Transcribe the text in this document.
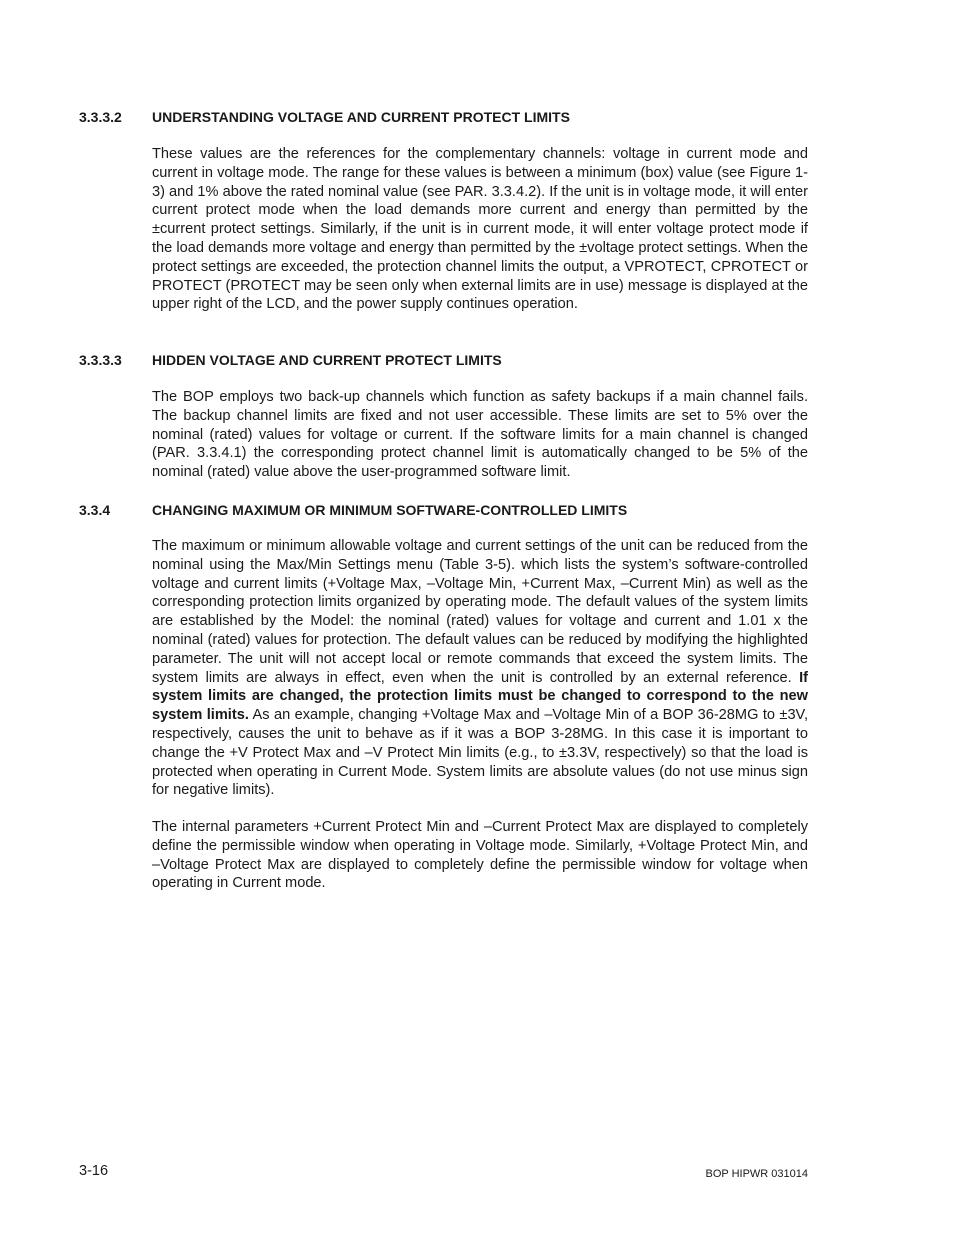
3.3.3.2 UNDERSTANDING VOLTAGE AND CURRENT PROTECT LIMITS

These values are the references for the complementary channels: voltage in current mode and current in voltage mode. The range for these values is between a minimum (box) value (see Figure 1-3) and 1% above the rated nominal value (see PAR. 3.3.4.2). If the unit is in voltage mode, it will enter current protect mode when the load demands more current and energy than permitted by the ±current protect settings. Similarly, if the unit is in current mode, it will enter voltage protect mode if the load demands more voltage and energy than permitted by the ±voltage protect settings. When the protect settings are exceeded, the protection channel limits the output, a VPROTECT, CPROTECT or PROTECT (PROTECT may be seen only when external limits are in use) message is displayed at the upper right of the LCD, and the power supply continues operation.

3.3.3.3 HIDDEN VOLTAGE AND CURRENT PROTECT LIMITS

The BOP employs two back-up channels which function as safety backups if a main channel fails. The backup channel limits are fixed and not user accessible. These limits are set to 5% over the nominal (rated) values for voltage or current. If the software limits for a main channel is changed (PAR. 3.3.4.1) the corresponding protect channel limit is automatically changed to be 5% of the nominal (rated) value above the user-programmed software limit.

3.3.4	CHANGING MAXIMUM OR MINIMUM SOFTWARE-CONTROLLED LIMITS

The maximum or minimum allowable voltage and current settings of the unit can be reduced from the nominal using the Max/Min Settings menu (Table 3-5). which lists the system’s software-controlled voltage and current limits (+Voltage Max, –Voltage Min, +Current Max, –Current Min) as well as the corresponding protection limits organized by operating mode. The default values of the system limits are established by the Model: the nominal (rated) values for voltage and current and 1.01 x the nominal (rated) values for protection. The default values can be reduced by modifying the highlighted parameter. The unit will not accept local or remote commands that exceed the system limits. The system limits are always in effect, even when the unit is controlled by an external reference. If system limits are changed, the protection limits must be changed to correspond to the new system limits. As an example, changing +Voltage Max and –Voltage Min of a BOP 36-28MG to ±3V, respectively, causes the unit to behave as if it was a BOP 3-28MG. In this case it is important to change the +V Protect Max and –V Protect Min limits (e.g., to ±3.3V, respectively) so that the load is protected when operating in Current Mode. System limits are absolute values (do not use minus sign for negative limits).

The internal parameters +Current Protect Min and –Current Protect Max are displayed to completely define the permissible window when operating in Voltage mode. Similarly, +Voltage Protect Min, and –Voltage Protect Max are displayed to completely define the permissible window for voltage when operating in Current mode.

3-16	BOP HIPWR 031014
